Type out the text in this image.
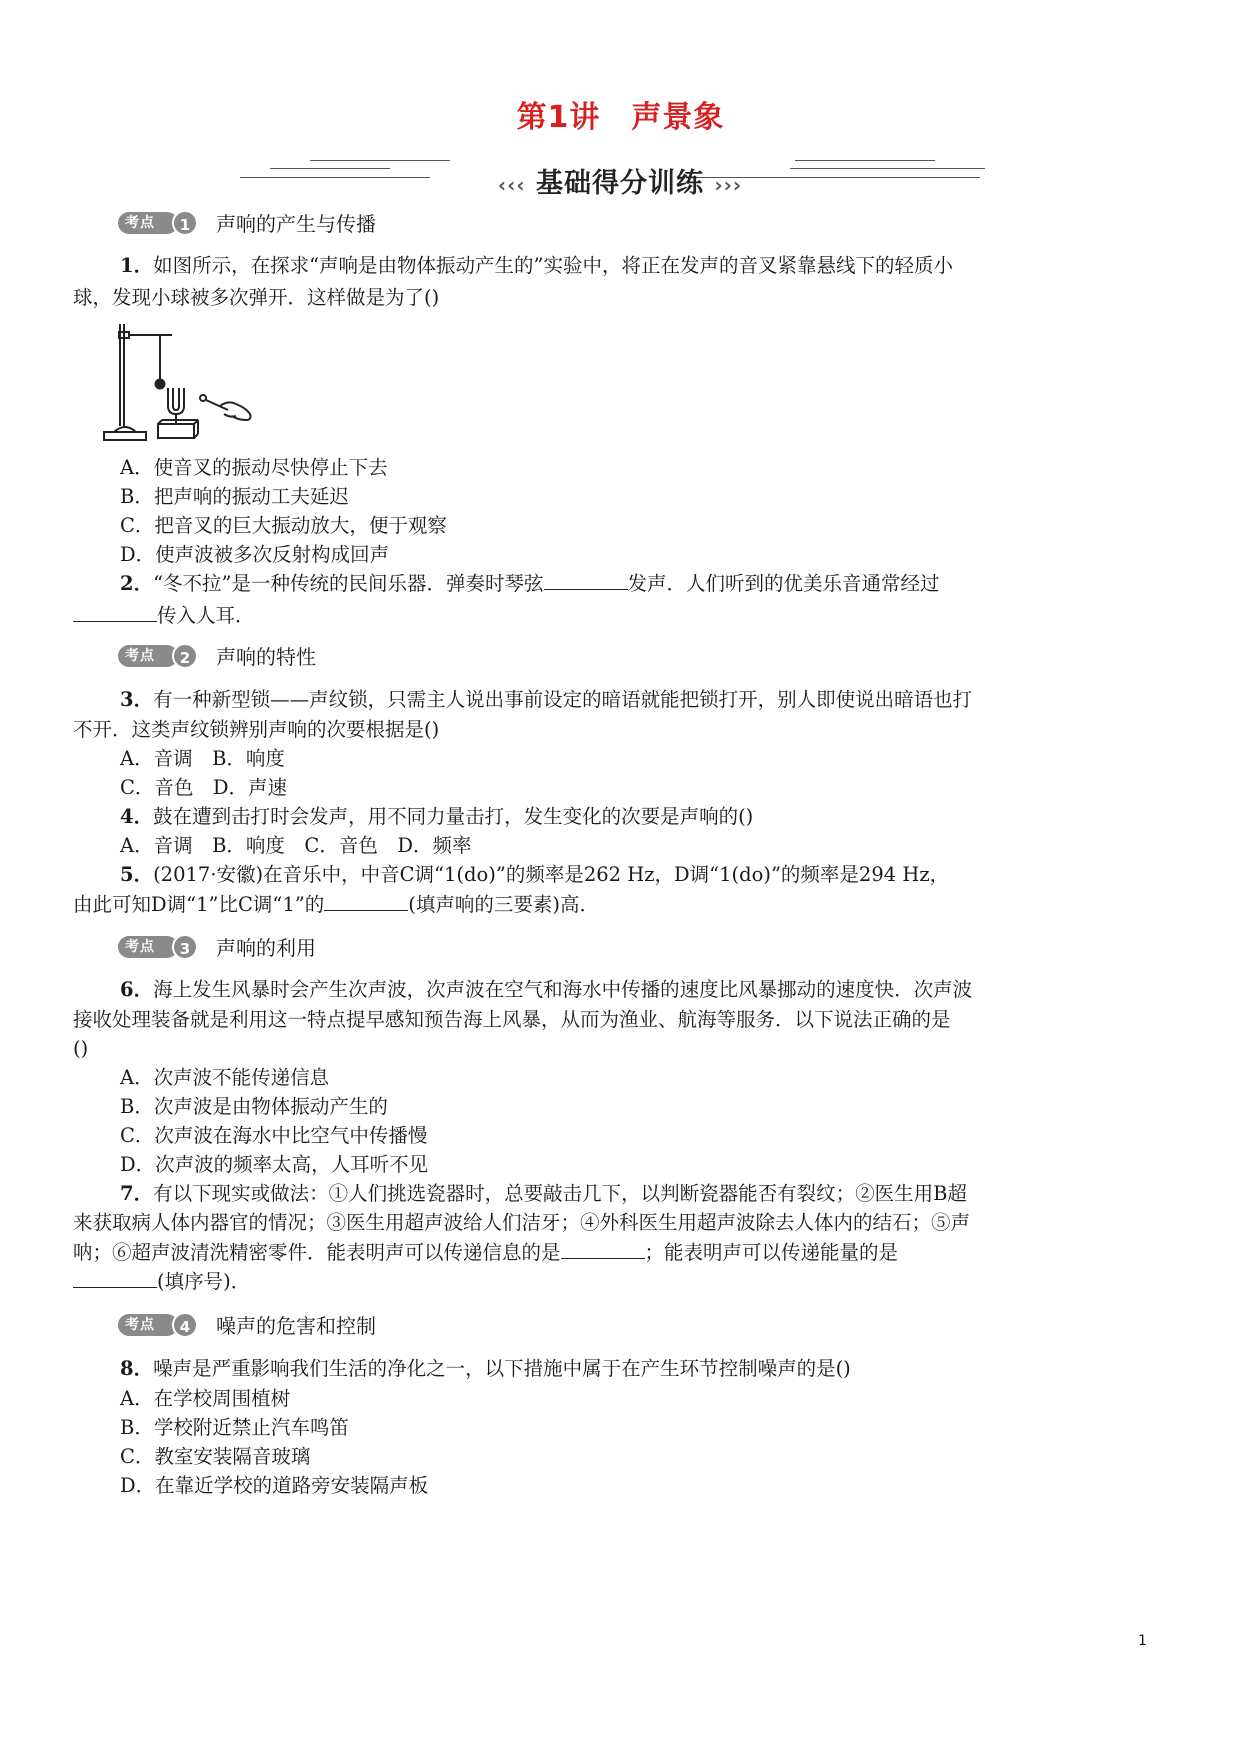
第1讲　声景象
‹‹‹ 基础得分训练 ›››
考点	1	声响的产生与传播
1．如图所示，在探求“声响是由物体振动产生的”实验中，将正在发声的音叉紧靠悬线下的轻质小
球，发现小球被多次弹开．这样做是为了()
A．使音叉的振动尽快停止下去
B．把声响的振动工夫延迟
C．把音叉的巨大振动放大，便于观察
D．使声波被多次反射构成回声
2．“冬不拉”是一种传统的民间乐器．弹奏时琴弦	发声．人们听到的优美乐音通常经过
传入人耳．
考点	2	声响的特性
3．有一种新型锁——声纹锁，只需主人说出事前设定的暗语就能把锁打开，别人即使说出暗语也打
不开．这类声纹锁辨别声响的次要根据是()
A．音调　B．响度
C．音色　D．声速
4．鼓在遭到击打时会发声，用不同力量击打，发生变化的次要是声响的()
A．音调　B．响度　C．音色　D．频率
5．(2017·安徽)在音乐中，中音C调“1(do)”的频率是262 Hz，D调“1(do)”的频率是294 Hz，
由此可知D调“1”比C调“1”的	(填声响的三要素)高．
考点	3	声响的利用
6．海上发生风暴时会产生次声波，次声波在空气和海水中传播的速度比风暴挪动的速度快．次声波
接收处理装备就是利用这一特点提早感知预告海上风暴，从而为渔业、航海等服务．以下说法正确的是
()
A．次声波不能传递信息
B．次声波是由物体振动产生的
C．次声波在海水中比空气中传播慢
D．次声波的频率太高，人耳听不见
7．有以下现实或做法：①人们挑选瓷器时，总要敲击几下，以判断瓷器能否有裂纹；②医生用B超
来获取病人体内器官的情况；③医生用超声波给人们洁牙；④外科医生用超声波除去人体内的结石；⑤声
呐；⑥超声波清洗精密零件．能表明声可以传递信息的是	；能表明声可以传递能量的是
(填序号)．
考点	4	噪声的危害和控制
8．噪声是严重影响我们生活的净化之一，以下措施中属于在产生环节控制噪声的是()
A．在学校周围植树
B．学校附近禁止汽车鸣笛
C．教室安装隔音玻璃
D．在靠近学校的道路旁安装隔声板
1
